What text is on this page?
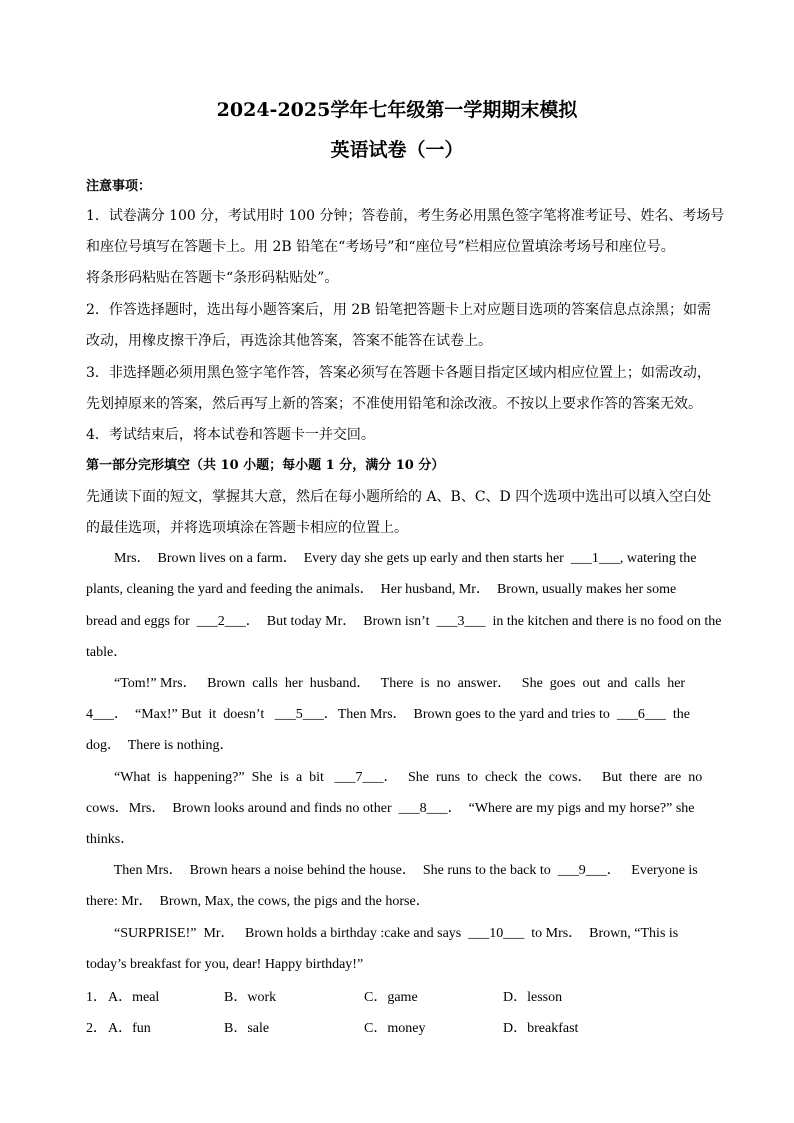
2024-2025学年七年级第一学期期末模拟
英语试卷（一）
注意事项：
1．试卷满分 100 分，考试用时 100 分钟；答卷前，考生务必用黑色签字笔将准考证号、姓名、考场号
和座位号填写在答题卡上。用 2B 铅笔在“考场号”和“座位号”栏相应位置填涂考场号和座位号。
将条形码粘贴在答题卡“条形码粘贴处”。
2．作答选择题时，选出每小题答案后，用 2B 铅笔把答题卡上对应题目选项的答案信息点涂黑；如需
改动，用橡皮擦干净后，再选涂其他答案，答案不能答在试卷上。
3．非选择题必须用黑色签字笔作答，答案必须写在答题卡各题目指定区域内相应位置上；如需改动，
先划掉原来的答案，然后再写上新的答案；不准使用铅笔和涂改液。不按以上要求作答的答案无效。
4．考试结束后，将本试卷和答题卡一并交回。
第一部分完形填空（共 10 小题；每小题 1 分，满分 10 分）
先通读下面的短文，掌握其大意，然后在每小题所给的 A、B、C、D 四个选项中选出可以填入空白处
的最佳选项，并将选项填涂在答题卡相应的位置上。
Mrs．  Brown lives on a farm．  Every day she gets up early and then starts her  ___1___, watering the
plants, cleaning the yard and feeding the animals．  Her husband, Mr．  Brown, usually makes her some
bread and eggs for  ___2___．  But today Mr．  Brown isn’t  ___3___  in the kitchen and there is no food on the
table．
“Tom!” Mrs．   Brown  calls  her  husband．   There  is  no  answer．   She  goes  out  and  calls  her
4___．  “Max!” But  it  doesn’t   ___5___．Then Mrs．  Brown goes to the yard and tries to  ___6___  the
dog．  There is nothing．
“What  is  happening?”  She  is  a  bit   ___7___．   She  runs  to  check  the  cows．   But  there  are  no
cows．Mrs．  Brown looks around and finds no other  ___8___．  “Where are my pigs and my horse?” she
thinks．
Then Mrs．  Brown hears a noise behind the house．  She runs to the back to  ___9___．   Everyone is
there: Mr．  Brown, Max, the cows, the pigs and the horse．
“SURPRISE!”  Mr．   Brown holds a birthday :cake and says  ___10___  to Mrs．  Brown, “This is
today’s breakfast for you, dear! Happy birthday!”
1． A．meal	B．work	C．game	D．lesson
2． A．fun	B．sale	C．money	D．breakfast
